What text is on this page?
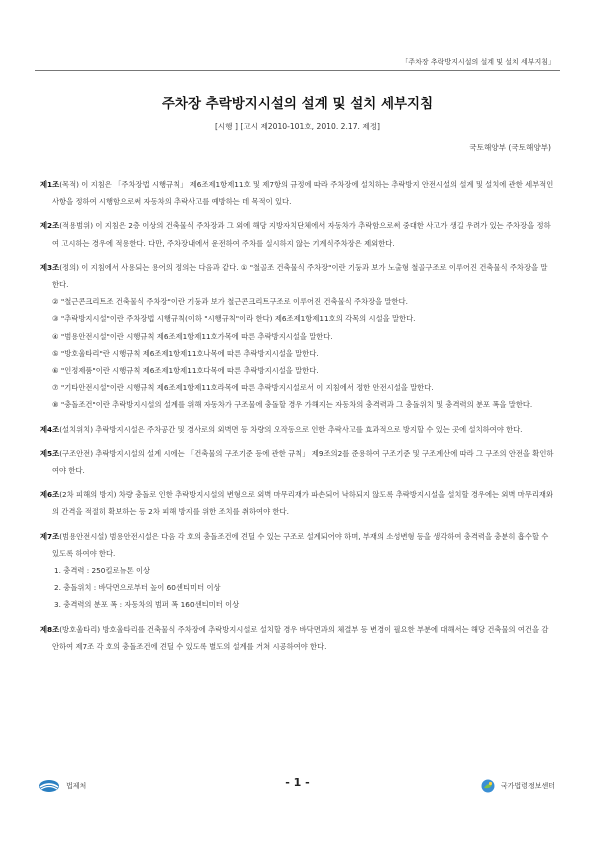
「주차장 추락방지시설의 설계 및 설치 세부지침」
주차장 추락방지시설의 설계 및 설치 세부지침
[시행 ] [고시 제2010-101호, 2010. 2.17. 제정]
국토해양부 (국토해양부)
제1조(목적) 이 지침은 「주차장법 시행규칙」 제6조제1항제11호 및 제7항의 규정에 따라 주차장에 설치하는 추락방지 안전시설의 설계 및 설치에 관한 세부적인 사항을 정하여 시행함으로써 자동차의 추락사고를 예방하는 데 목적이 있다.
제2조(적용범위) 이 지침은 2층 이상의 건축물식 주차장과 그 외에 해당 지방자치단체에서 자동차가 추락함으로써 중대한 사고가 생길 우려가 있는 주차장을 정하여 고시하는 경우에 적용한다. 다만, 주차장내에서 운전하여 주차를 실시하지 않는 기계식주차장은 제외한다.
제3조(정의) 이 지침에서 사용되는 용어의 정의는 다음과 같다. ① "철골조 건축물식 주차장"이란 기둥과 보가 노출형 철골구조로 이루어진 건축물식 주차장을 말한다.
② "철근콘크리트조 건축물식 주차장"이란 기둥과 보가 철근콘크리트구조로 이루어진 건축물식 주차장을 말한다.
③ "추락방지시설"이란 주차장법 시행규칙(이하 "시행규칙"이라 한다) 제6조제1항제11호의 각목의 시설을 말한다.
④ "범용안전시설"이란 시행규칙 제6조제1항제11호가목에 따른 추락방지시설을 말한다.
⑤ "방호울타리"란 시행규칙 제6조제1항제11호나목에 따른 추락방지시설을 말한다.
⑥ "인정제품"이란 시행규칙 제6조제1항제11호다목에 따른 추락방지시설을 말한다.
⑦ "기타안전시설"이란 시행규칙 제6조제1항제11호라목에 따른 추락방지시설로서 이 지침에서 정한 안전시설을 말한다.
⑧ "충돌조건"이란 추락방지시설의 설계를 위해 자동차가 구조물에 충돌할 경우 가해지는 자동차의 충격력과 그 충돌위치 및 충격력의 분포 폭을 말한다.
제4조(설치위치) 추락방지시설은 주차공간 및 경사로의 외벽면 등 차량의 오작동으로 인한 추락사고를 효과적으로 방지할 수 있는 곳에 설치하여야 한다.
제5조(구조안전) 추락방지시설의 설계 시에는 「건축물의 구조기준 등에 관한 규칙」 제9조의2를 준용하여 구조기준 및 구조계산에 따라 그 구조의 안전을 확인하여야 한다.
제6조(2차 피해의 방지) 차량 충돌로 인한 추락방지시설의 변형으로 외벽 마무리재가 파손되어 낙하되지 않도록 추락방지시설을 설치할 경우에는 외벽 마무리재와의 간격을 적절히 확보하는 등 2차 피해 방지를 위한 조치를 취하여야 한다.
제7조(범용안전시설) 범용안전시설은 다음 각 호의 충돌조건에 견딜 수 있는 구조로 설계되어야 하며, 부재의 소성변형 등을 생각하여 충격력을 충분히 흡수할 수 있도록 하여야 한다.
1. 충격력 : 250킬로뉴톤 이상
2. 충돌위치 : 바닥면으로부터 높이 60센티미터 이상
3. 충격력의 분포 폭 : 자동차의 범퍼 폭 160센티미터 이상
제8조(방호울타리) 방호울타리를 건축물식 주차장에 추락방지시설로 설치할 경우 바닥면과의 체결부 등 변경이 필요한 부분에 대해서는 해당 건축물의 여건을 감안하여 제7조 각 호의 충돌조건에 견딜 수 있도록 별도의 설계를 거쳐 시공하여야 한다.
법제처	- 1 -	국가법령정보센터
